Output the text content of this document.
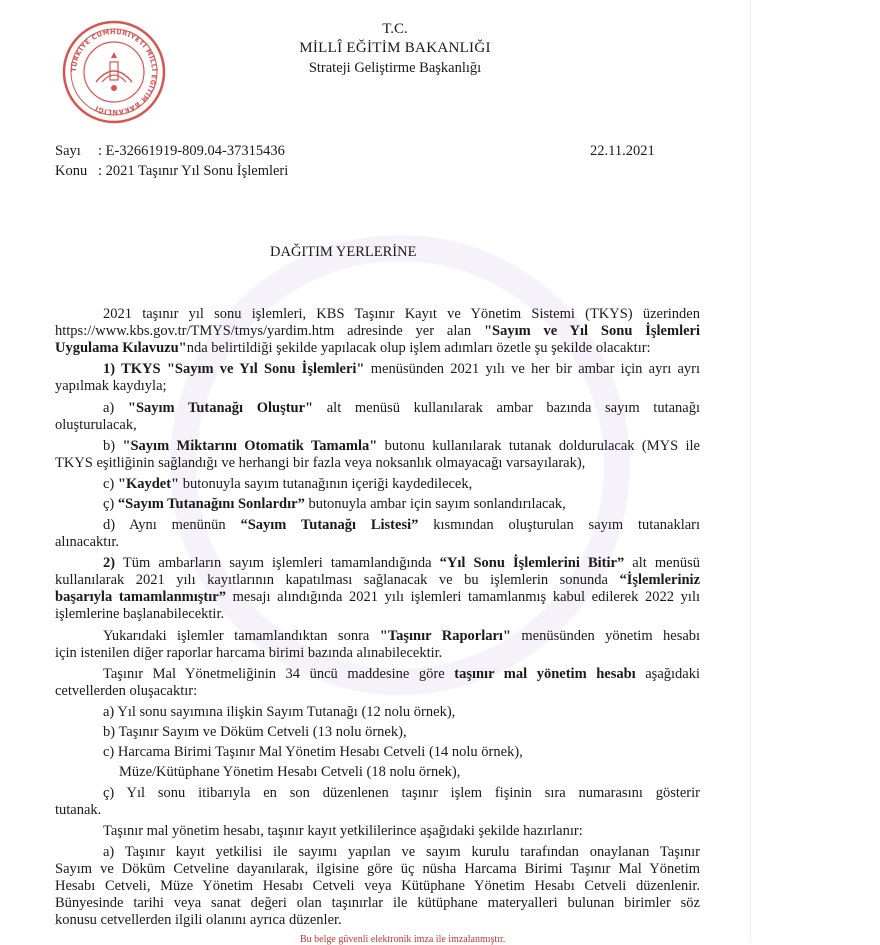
TÜRKİYE CUMHURİYETİ MİLLÎ EĞİTİM BAKANLIĞI
T.C.
MİLLÎ EĞİTİM BAKANLIĞI
Strateji Geliştirme Başkanlığı
Sayı : E-32661919-809.04-37315436	22.11.2021
Konu : 2021 Taşınır Yıl Sonu İşlemleri
DAĞITIM YERLERİNE
2021 taşınır yıl sonu işlemleri, KBS Taşınır Kayıt ve Yönetim Sistemi (TKYS) üzerinden
https://www.kbs.gov.tr/TMYS/tmys/yardim.htm adresinde yer alan "Sayım ve Yıl Sonu İşlemleri
Uygulama Kılavuzu"nda belirtildiği şekilde yapılacak olup işlem adımları özetle şu şekilde olacaktır:
1) TKYS "Sayım ve Yıl Sonu İşlemleri" menüsünden 2021 yılı ve her bir ambar için ayrı ayrı
yapılmak kaydıyla;
a) "Sayım Tutanağı Oluştur" alt menüsü kullanılarak ambar bazında sayım tutanağı
oluşturulacak,
b) "Sayım Miktarını Otomatik Tamamla" butonu kullanılarak tutanak doldurulacak (MYS ile
TKYS eşitliğinin sağlandığı ve herhangi bir fazla veya noksanlık olmayacağı varsayılarak),
c) "Kaydet" butonuyla sayım tutanağının içeriği kaydedilecek,
ç) “Sayım Tutanağını Sonlardır” butonuyla ambar için sayım sonlandırılacak,
d) Aynı menünün “Sayım Tutanağı Listesi” kısmından oluşturulan sayım tutanakları
alınacaktır.
2) Tüm ambarların sayım işlemleri tamamlandığında “Yıl Sonu İşlemlerini Bitir” alt menüsü
kullanılarak 2021 yılı kayıtlarının kapatılması sağlanacak ve bu işlemlerin sonunda “İşlemleriniz
başarıyla tamamlanmıştır” mesajı alındığında 2021 yılı işlemleri tamamlanmış kabul edilerek 2022 yılı
işlemlerine başlanabilecektir.
Yukarıdaki işlemler tamamlandıktan sonra "Taşınır Raporları" menüsünden yönetim hesabı
için istenilen diğer raporlar harcama birimi bazında alınabilecektir.
Taşınır Mal Yönetmeliğinin 34 üncü maddesine göre taşınır mal yönetim hesabı aşağıdaki
cetvellerden oluşacaktır:
a) Yıl sonu sayımına ilişkin Sayım Tutanağı (12 nolu örnek),
b) Taşınır Sayım ve Döküm Cetveli (13 nolu örnek),
c) Harcama Birimi Taşınır Mal Yönetim Hesabı Cetveli (14 nolu örnek),
Müze/Kütüphane Yönetim Hesabı Cetveli (18 nolu örnek),
ç) Yıl sonu itibarıyla en son düzenlenen taşınır işlem fişinin sıra numarasını gösterir
tutanak.
Taşınır mal yönetim hesabı, taşınır kayıt yetkililerince aşağıdaki şekilde hazırlanır:
a) Taşınır kayıt yetkilisi ile sayımı yapılan ve sayım kurulu tarafından onaylanan Taşınır
Sayım ve Döküm Cetveline dayanılarak, ilgisine göre üç nüsha Harcama Birimi Taşınır Mal Yönetim
Hesabı Cetveli, Müze Yönetim Hesabı Cetveli veya Kütüphane Yönetim Hesabı Cetveli düzenlenir.
Bünyesinde tarihi veya sanat değeri olan taşınırlar ile kütüphane materyalleri bulunan birimler söz
konusu cetvellerden ilgili olanını ayrıca düzenler.
Bu belge güvenli elektronik imza ile imzalanmıştır.
